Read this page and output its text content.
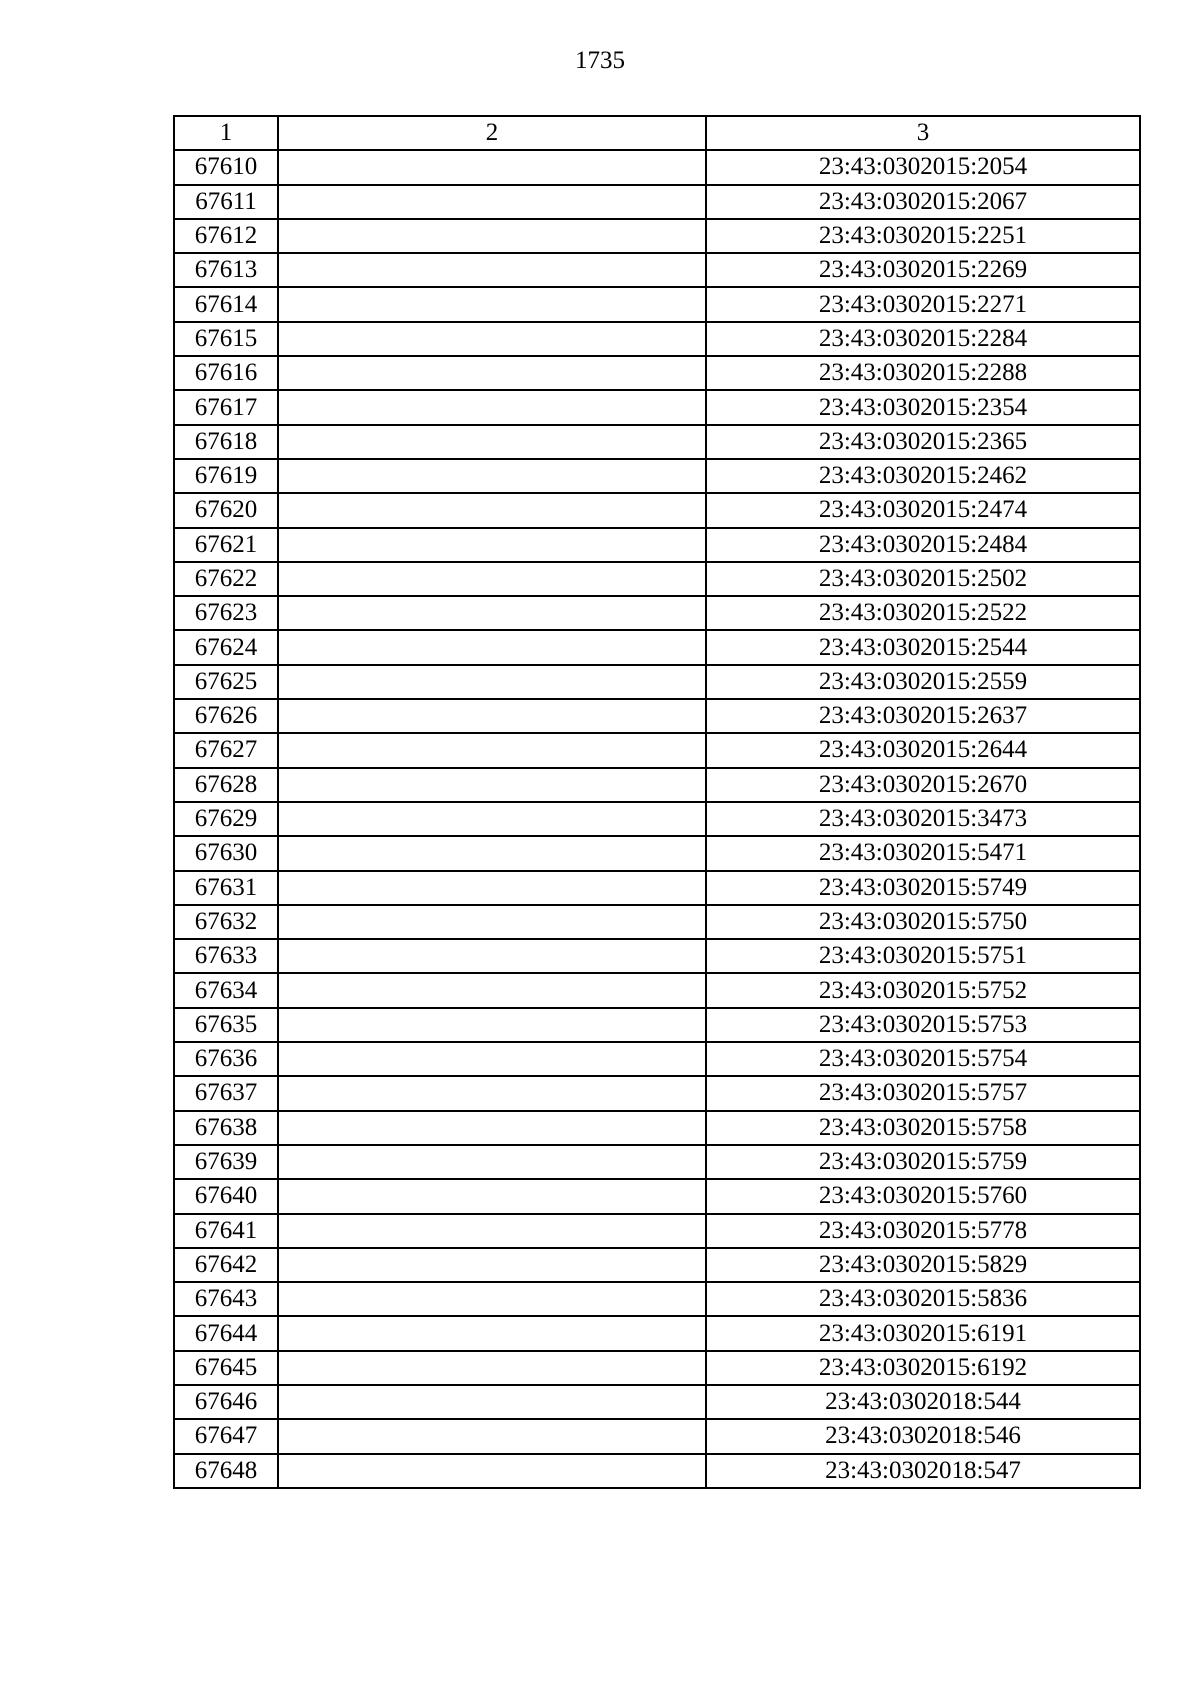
1735
1	2	3
67610		23:43:0302015:2054
67611		23:43:0302015:2067
67612		23:43:0302015:2251
67613		23:43:0302015:2269
67614		23:43:0302015:2271
67615		23:43:0302015:2284
67616		23:43:0302015:2288
67617		23:43:0302015:2354
67618		23:43:0302015:2365
67619		23:43:0302015:2462
67620		23:43:0302015:2474
67621		23:43:0302015:2484
67622		23:43:0302015:2502
67623		23:43:0302015:2522
67624		23:43:0302015:2544
67625		23:43:0302015:2559
67626		23:43:0302015:2637
67627		23:43:0302015:2644
67628		23:43:0302015:2670
67629		23:43:0302015:3473
67630		23:43:0302015:5471
67631		23:43:0302015:5749
67632		23:43:0302015:5750
67633		23:43:0302015:5751
67634		23:43:0302015:5752
67635		23:43:0302015:5753
67636		23:43:0302015:5754
67637		23:43:0302015:5757
67638		23:43:0302015:5758
67639		23:43:0302015:5759
67640		23:43:0302015:5760
67641		23:43:0302015:5778
67642		23:43:0302015:5829
67643		23:43:0302015:5836
67644		23:43:0302015:6191
67645		23:43:0302015:6192
67646		23:43:0302018:544
67647		23:43:0302018:546
67648		23:43:0302018:547
